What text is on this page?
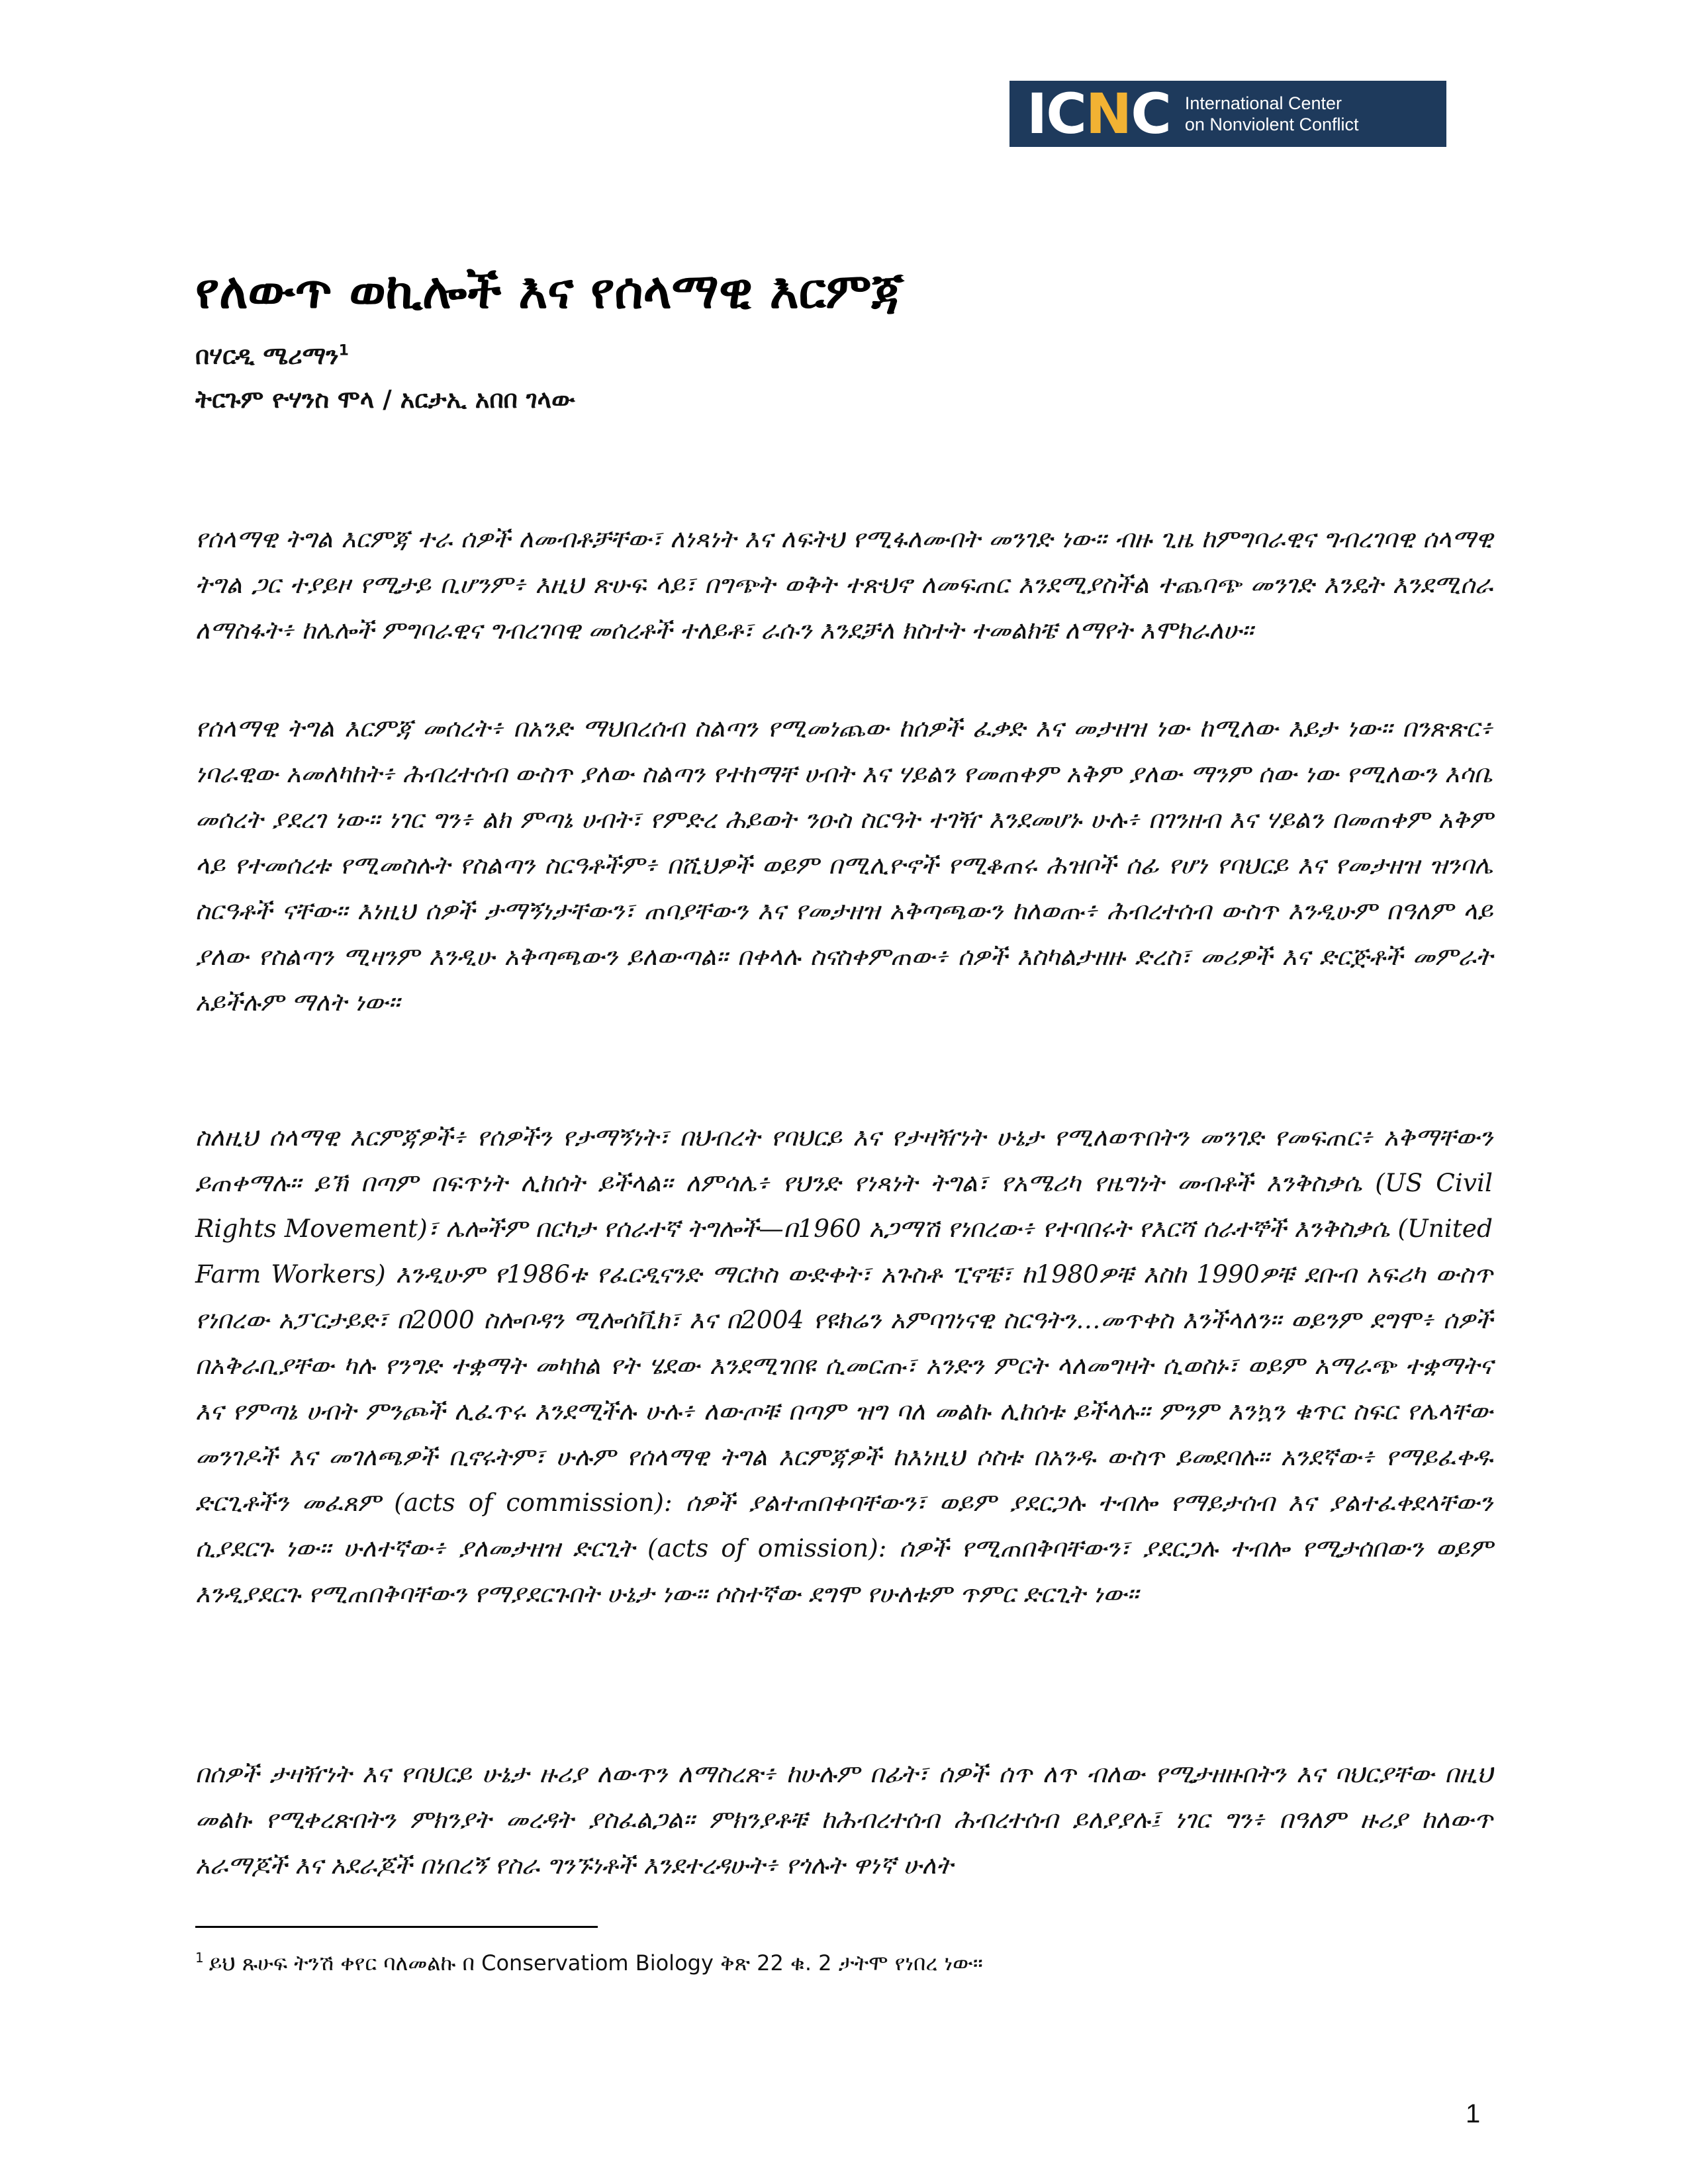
ICNC International Center
on Nonviolent Conflict
የለውጥ ወኪሎች እና የሰላማዊ እርምጃ
በሃርዲ ሜሪማን$^1$
ትርጉም ዮሃንስ ሞላ / አርታኢ አበበ ገላው

የሰላማዊ ትግል እርምጃ ተራ ሰዎች ለመብቶቻቸው፣ ለነጻነት እና ለፍትህ የሚፋለሙበት መንገድ ነው። ብዙ ጊዜ ከምግባራዊና ግብረገባዊ ሰላማዊ ትግል ጋር ተያይዞ የሚታይ ቢሆንም፥ እዚህ ጽሁፍ ላይ፣ በግጭት ወቅት ተጽህኖ ለመፍጠር እንደሚያስችል ተጨባጭ መንገድ እንዴት እንደሚሰራ ለማስፋት፥ ከሌሎች ምግባራዊና ግብረገባዊ መሰረቶች ተለይቶ፣ ራሱን እንደቻለ ክስተት ተመልክቼ ለማየት እሞክራለሁ።

የሰላማዊ ትግል እርምጃ መሰረት፥ በአንድ ማህበረሰብ ስልጣን የሚመነጨው ከሰዎች ፈቃድ እና መታዘዝ ነው ከሚለው እይታ ነው። በንጽጽር፥ ነባራዊው አመለካከት፥ ሕብረተሰብ ውስጥ ያለው ስልጣን የተከማቸ ሀብት እና ሃይልን የመጠቀም አቅም ያለው ማንም ሰው ነው የሚለውን እሳቤ መሰረት ያደረገ ነው። ነገር ግን፥ ልክ ምጣኔ ሀብት፣ የምድረ ሕይወት ንዑስ ስርዓት ተገዥ እንደመሆኑ ሁሉ፥ በገንዘብ እና ሃይልን በመጠቀም አቅም ላይ የተመሰረቱ የሚመስሉት የስልጣን ስርዓቶችም፥ በሺህዎች ወይም በሚሊዮኖች የሚቆጠሩ ሕዝቦች ሰፊ የሆነ የባህርይ እና የመታዘዝ ዝንባሌ ስርዓቶች ናቸው። እነዚህ ሰዎች ታማኝነታቸውን፣ ጠባያቸውን እና የመታዘዝ አቅጣጫውን ከለወጡ፥ ሕብረተሰብ ውስጥ እንዲሁም በዓለም ላይ ያለው የስልጣን ሚዛንም እንዲሁ አቅጣጫውን ይለውጣል። በቀላሉ ስናስቀምጠው፥ ሰዎች እስካልታዘዙ ድረስ፣ መሪዎች እና ድርጅቶች መምራት አይችሉም ማለት ነው።

ስለዚህ ሰላማዊ እርምጃዎች፥ የሰዎችን የታማኝነት፣ በህብረት የባህርይ እና የታዛዥነት ሁኔታ የሚለወጥበትን መንገድ የመፍጠር፥ አቅማቸውን ይጠቀማሉ። ይኽ በጣም በፍጥነት ሊከሰት ይችላል። ለምሳሌ፥ የህንድ የነጻነት ትግል፣ የአሜሪካ የዜግነት መብቶች እንቅስቃሴ (US Civil Rights Movement)፣ ሌሎችም በርካታ የሰራተኛ ትግሎች—በ1960 አጋማሽ የነበረው፥ የተባበሩት የእርሻ ሰራተኞች እንቅስቃሴ (United Farm Workers) እንዲሁም የ1986ቱ የፈርዲናንድ ማርኮስ ውድቀት፣ አጉስቶ ፒኖቼ፣ ከ1980ዎቹ እስከ 1990ዎቹ ደቡብ አፍሪካ ውስጥ የነበረው አፓርታይድ፣ በ2000 ስሎቦዳን ሚሎሰቪክ፣ እና በ2004 የዩክሬን አምባገነናዊ ስርዓትን…መጥቀስ እንችላለን። ወይንም ደግሞ፥ ሰዎች በአቅራቢያቸው ካሉ የንግድ ተቋማት መካከል የት ሄደው እንደሚገበዩ ሲመርጡ፣ አንድን ምርት ላለመግዛት ሲወስኑ፣ ወይም አማራጭ ተቋማትና እና የምጣኔ ሀብት ምንጮች ሊፈጥሩ እንደሚችሉ ሁሉ፥ ለውጦቹ በጣም ዝግ ባለ መልኩ ሊከሰቱ ይችላሉ። ምንም እንኳን ቁጥር ስፍር የሌላቸው መንገዶች እና መገለጫዎች ቢኖሩትም፣ ሁሉም የሰላማዊ ትግል እርምጃዎች ከእነዚህ ሶስቱ በአንዱ ውስጥ ይመደባሉ። አንደኛው፥ የማይፈቀዱ ድርጊቶችን መፈጸም (acts of commission): ሰዎች ያልተጠበቀባቸውን፣ ወይም ያደርጋሉ ተብሎ የማይታሰብ እና ያልተፈቀደላቸውን ሲያደርጉ ነው። ሁለተኛው፥ ያለመታዘዝ ድርጊት (acts of omission): ሰዎች የሚጠበቅባቸውን፣ ያደርጋሉ ተብሎ የሚታሰበውን ወይም እንዲያደርጉ የሚጠበቅባቸውን የማያደርጉበት ሁኔታ ነው። ሶስተኛው ደግሞ የሁለቱም ጥምር ድርጊት ነው።

በሰዎች ታዛዥነት እና የባህርይ ሁኔታ ዙሪያ ለውጥን ለማስረጽ፥ ከሁሉም በፊት፣ ሰዎች ሰጥ ለጥ ብለው የሚታዘዙበትን እና ባህርያቸው በዚህ መልኩ የሚቀረጽበትን ምክንያት መረዳት ያስፈልጋል። ምክንያቶቹ ከሕብረተሰብ ሕብረተሰብ ይለያያሉ፤ ነገር ግን፥ በዓለም ዙሪያ ከለውጥ አራማጆች እና አደራጆች በነበረኝ የስራ ግንኙነቶች እንደተረዳሁት፥ የጎሉት ዋነኛ ሁለት

$^1$ ይህ ጹሁፍ ትንሽ ቀየር ባለመልኩ በ Conservatiom Biology ቅጽ 22 ቁ. 2 ታትሞ የነበረ ነው።
1
